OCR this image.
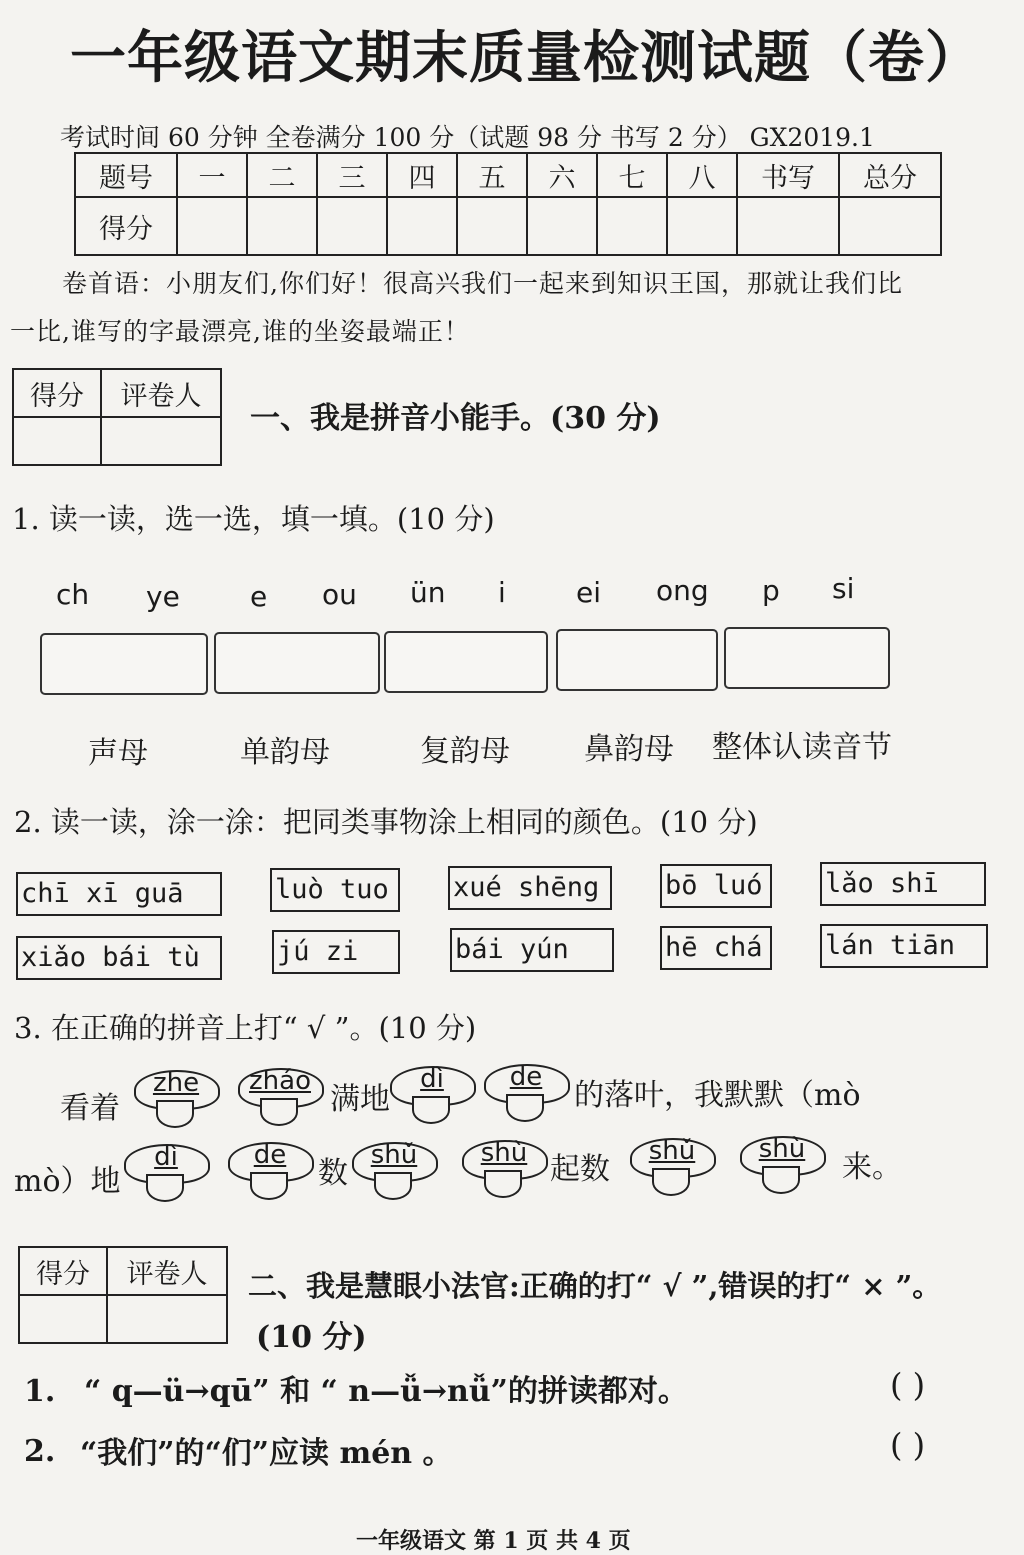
一年级语文期末质量检测试题（卷）
考试时间 60 分钟 全卷满分 100 分（试题 98 分 书写 2 分） GX2019.1
题号	一	二	三	四	五	六	七	八	书写	总分
得分										
卷首语：小朋友们,你们好！很高兴我们一起来到知识王国，那就让我们比
一比,谁写的字最漂亮,谁的坐姿最端正！
得分	评卷人

一、我是拼音小能手。(30 分)
1. 读一读，选一选，填一填。(10 分)
ch ye	e ou ün i	ei ong p si
声母	单韵母	复韵母 鼻韵母 整体认读音节
2. 读一读，涂一涂：把同类事物涂上相同的颜色。(10 分)
chī xī guā	luò tuo	xué shēng	bō luó	lǎo shī
xiǎo bái tù	jú zi	bái yún	hē chá	lán tiān
3. 在正确的拼音上打“ √ ”。(10 分)
看着
zhe	zháo
满地
dì	de
的落叶，我默默（mò
mò）地
dì	de
数
shǔ	shù 起数
shǔ	shù
来。
得分	评卷人
	二、我是慧眼小法官:正确的打“ √ ”,错误的打“ × ”。
(10 分)
1. “ q—ü→qū” 和 “ n—ǚ→nǚ”的拼读都对。	( )
2. “我们”的“们”应读 mén 。	( )
一年级语文 第 1 页 共 4 页
